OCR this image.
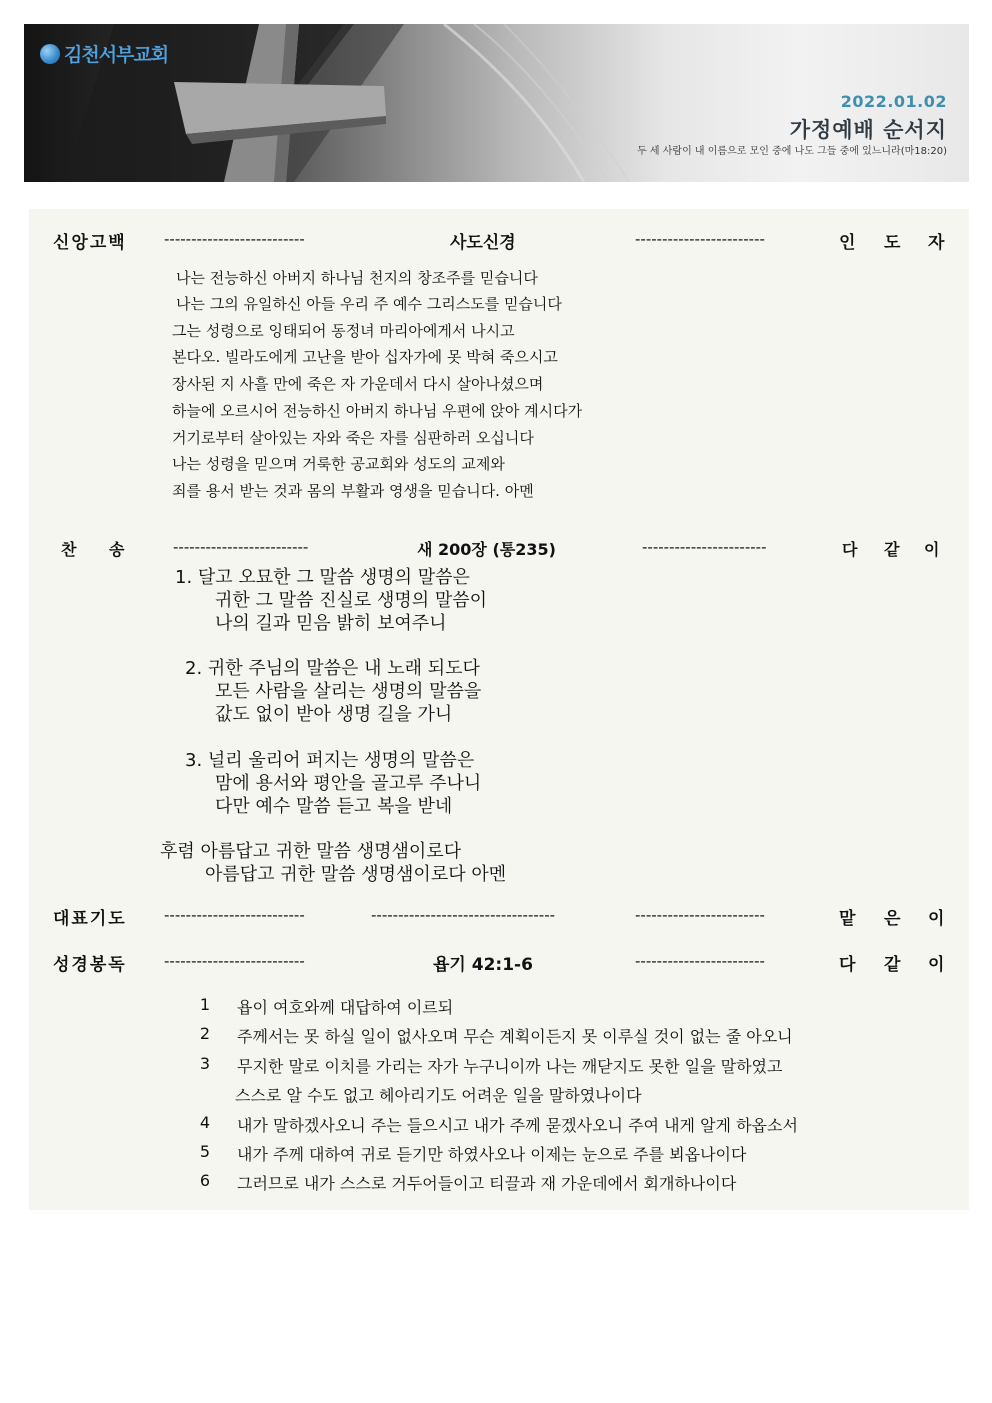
김천서부교회
2022.01.02
가정예배 순서지
두 세 사람이 내 이름으로 모인 중에 나도 그들 중에 있느니라(마18:20)
신앙고백 --------------------------	사도신경	------------------------	인 도 자
나는 전능하신 아버지 하나님 천지의 창조주를 믿습니다
나는 그의 유일하신 아들 우리 주 예수 그리스도를 믿습니다
그는 성령으로 잉태되어 동정녀 마리아에게서 나시고
본다오. 빌라도에게 고난을 받아 십자가에 못 박혀 죽으시고
장사된 지 사흘 만에 죽은 자 가운데서 다시 살아나셨으며
하늘에 오르시어 전능하신 아버지 하나님 우편에 앉아 계시다가
거기로부터 살아있는 자와 죽은 자를 심판하러 오십니다
나는 성령을 믿으며 거룩한 공교회와 성도의 교제와
죄를 용서 받는 것과 몸의 부활과 영생을 믿습니다. 아멘
찬 송	-------------------------	새 200장 (통235)	-----------------------	다 같 이
1. 달고 오묘한 그 말씀 생명의 말씀은
귀한 그 말씀 진실로 생명의 말씀이
나의 길과 믿음 밝히 보여주니
2. 귀한 주님의 말씀은 내 노래 되도다
모든 사람을 살리는 생명의 말씀을
값도 없이 받아 생명 길을 가니
3. 널리 울리어 퍼지는 생명의 말씀은
맘에 용서와 평안을 골고루 주나니
다만 예수 말씀 듣고 복을 받네
후렴 아름답고 귀한 말씀 생명샘이로다
아름답고 귀한 말씀 생명샘이로다 아멘
대표기도 --------------------------	----------------------------------	------------------------	맡 은 이
성경봉독 --------------------------	욥기 42:1-6	------------------------	다 같 이
1	욥이 여호와께 대답하여 이르되
2	주께서는 못 하실 일이 없사오며 무슨 계획이든지 못 이루실 것이 없는 줄 아오니
3	무지한 말로 이치를 가리는 자가 누구니이까 나는 깨닫지도 못한 일을 말하였고
스스로 알 수도 없고 헤아리기도 어려운 일을 말하였나이다
4	내가 말하겠사오니 주는 들으시고 내가 주께 묻겠사오니 주여 내게 알게 하옵소서
5	내가 주께 대하여 귀로 듣기만 하였사오나 이제는 눈으로 주를 뵈옵나이다
6	그러므로 내가 스스로 거두어들이고 티끌과 재 가운데에서 회개하나이다
